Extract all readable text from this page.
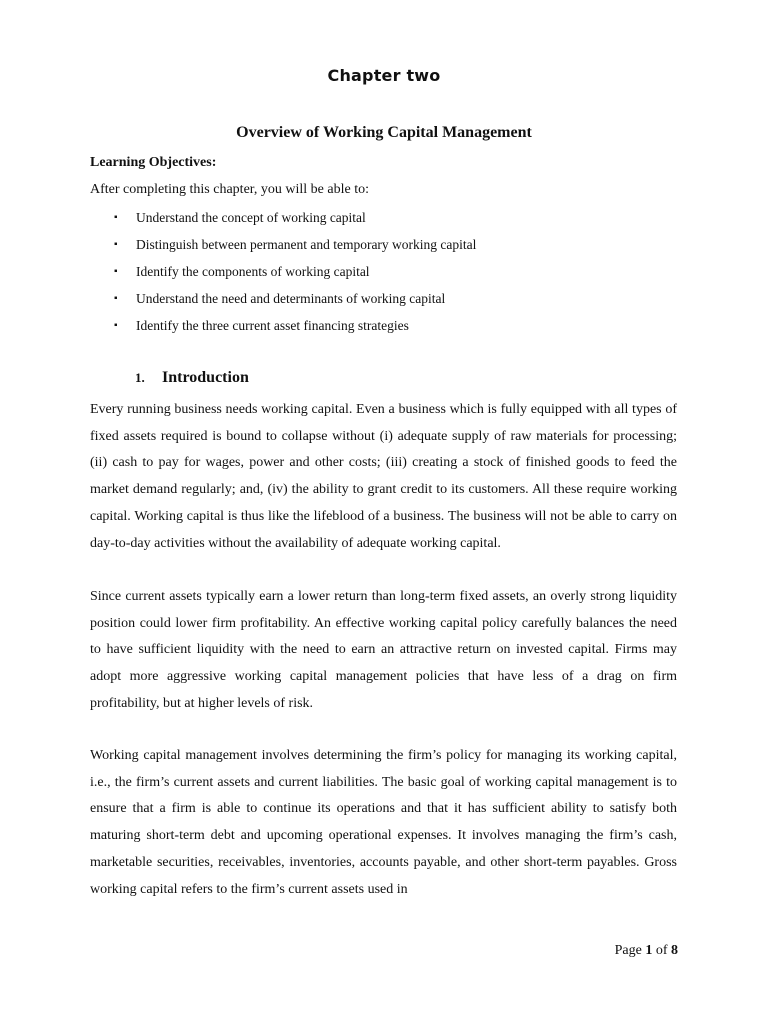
Chapter two
Overview of Working Capital Management
Learning Objectives:
After completing this chapter, you will be able to:
▪ Understand the concept of working capital
▪ Distinguish between permanent and temporary working capital
▪ Identify the components of working capital
▪ Understand the need and determinants of working capital
▪ Identify the three current asset financing strategies
1. Introduction

Every running business needs working capital. Even a business which is fully equipped with all types of fixed assets required is bound to collapse without (i) adequate supply of raw materials for processing; (ii) cash to pay for wages, power and other costs; (iii) creating a stock of finished goods to feed the market demand regularly; and, (iv) the ability to grant credit to its customers. All these require working capital. Working capital is thus like the lifeblood of a business. The business will not be able to carry on day-to-day activities without the availability of adequate working capital.

Since current assets typically earn a lower return than long-term fixed assets, an overly strong liquidity position could lower firm profitability. An effective working capital policy carefully balances the need to have sufficient liquidity with the need to earn an attractive return on invested capital. Firms may adopt more aggressive working capital management policies that have less of a drag on firm profitability, but at higher levels of risk.

Working capital management involves determining the firm’s policy for managing its working capital, i.e., the firm’s current assets and current liabilities. The basic goal of working capital management is to ensure that a firm is able to continue its operations and that it has sufficient ability to satisfy both maturing short-term debt and upcoming operational expenses. It involves managing the firm’s cash, marketable securities, receivables, inventories, accounts payable, and other short-term payables. Gross working capital refers to the firm’s current assets used in

Page 1 of 8
